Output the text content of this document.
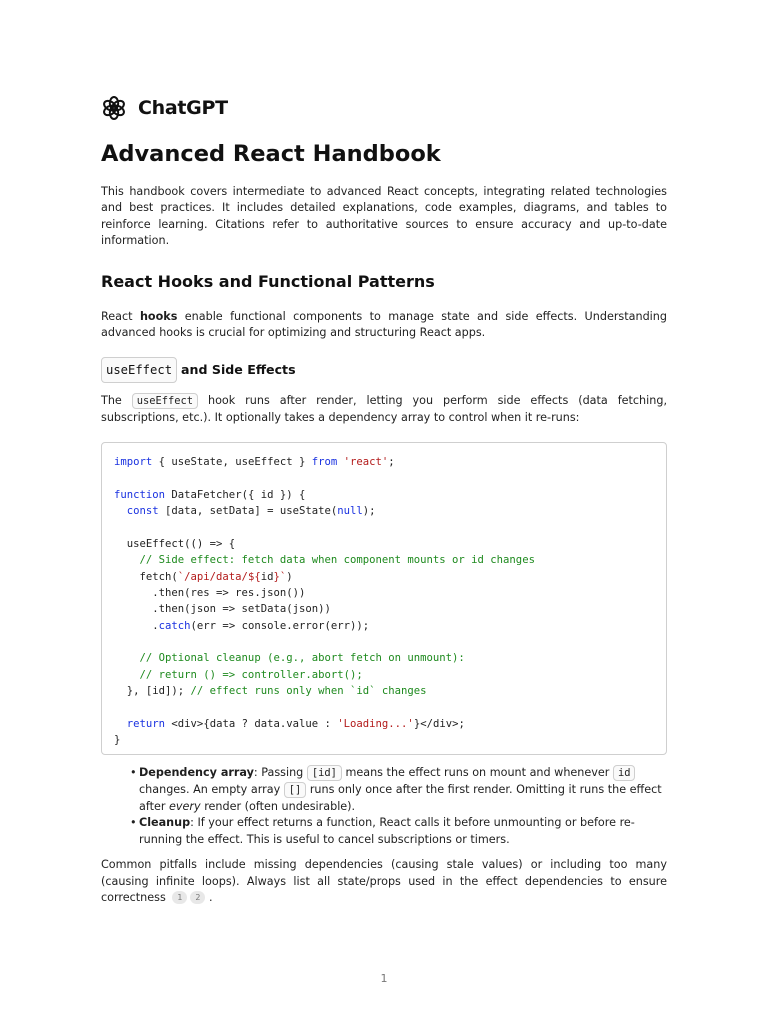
ChatGPT
Advanced React Handbook

This handbook covers intermediate to advanced React concepts, integrating related technologies and best practices. It includes detailed explanations, code examples, diagrams, and tables to reinforce learning. Citations refer to authoritative sources to ensure accuracy and up-to-date information.

React Hooks and Functional Patterns

React hooks enable functional components to manage state and side effects. Understanding advanced hooks is crucial for optimizing and structuring React apps.

useEffect and Side Effects

The useEffect hook runs after render, letting you perform side effects (data fetching, subscriptions, etc.). It optionally takes a dependency array to control when it re-runs:

import { useState, useEffect } from 'react';
function DataFetcher({ id }) {
const [data, setData] = useState(null);
useEffect(() => {
// Side effect: fetch data when component mounts or id changes
fetch(`/api/data/${id}`)
.then(res => res.json())
.then(json => setData(json))
.catch(err => console.error(err));
// Optional cleanup (e.g., abort fetch on unmount):
// return () => controller.abort();
}, [id]); // effect runs only when `id` changes
return <div>{data ? data.value : 'Loading...'}</div>;
}
• Dependency array: Passing [id] means the effect runs on mount and whenever id changes. An empty array [] runs only once after the first render. Omitting it runs the effect after every render (often undesirable).
• Cleanup: If your effect returns a function, React calls it before unmounting or before re-running the effect. This is useful to cancel subscriptions or timers.

Common pitfalls include missing dependencies (causing stale values) or including too many (causing infinite loops). Always list all state/props used in the effect dependencies to ensure correctness 1 2 .

1
